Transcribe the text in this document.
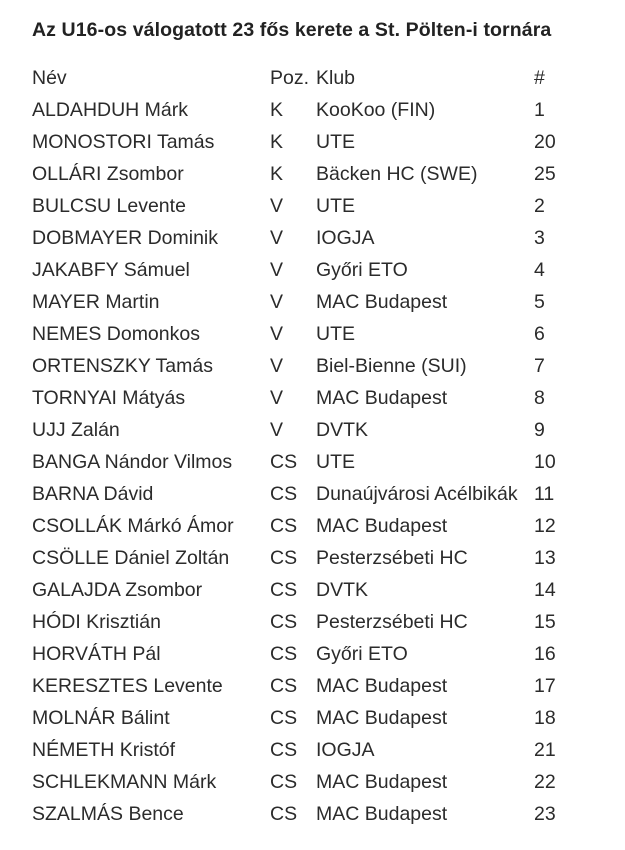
Az U16-os válogatott 23 fős kerete a St. Pölten-i tornára
Név	Poz.	Klub	#
ALDAHDUH Márk	K	KooKoo (FIN)	1
MONOSTORI Tamás	K	UTE	20
OLLÁRI Zsombor	K	Bäcken HC (SWE)	25
BULCSU Levente	V	UTE	2
DOBMAYER Dominik	V	IOGJA	3
JAKABFY Sámuel	V	Győri ETO	4
MAYER Martin	V	MAC Budapest	5
NEMES Domonkos	V	UTE	6
ORTENSZKY Tamás	V	Biel-Bienne (SUI)	7
TORNYAI Mátyás	V	MAC Budapest	8
UJJ Zalán	V	DVTK	9
BANGA Nándor Vilmos	CS	UTE	10
BARNA Dávid	CS	Dunaújvárosi Acélbikák	11
CSOLLÁK Márkó Ámor	CS	MAC Budapest	12
CSÖLLE Dániel Zoltán	CS	Pesterzsébeti HC	13
GALAJDA Zsombor	CS	DVTK	14
HÓDI Krisztián	CS	Pesterzsébeti HC	15
HORVÁTH Pál	CS	Győri ETO	16
KERESZTES Levente	CS	MAC Budapest	17
MOLNÁR Bálint	CS	MAC Budapest	18
NÉMETH Kristóf	CS	IOGJA	21
SCHLEKMANN Márk	CS	MAC Budapest	22
SZALMÁS Bence	CS	MAC Budapest	23
